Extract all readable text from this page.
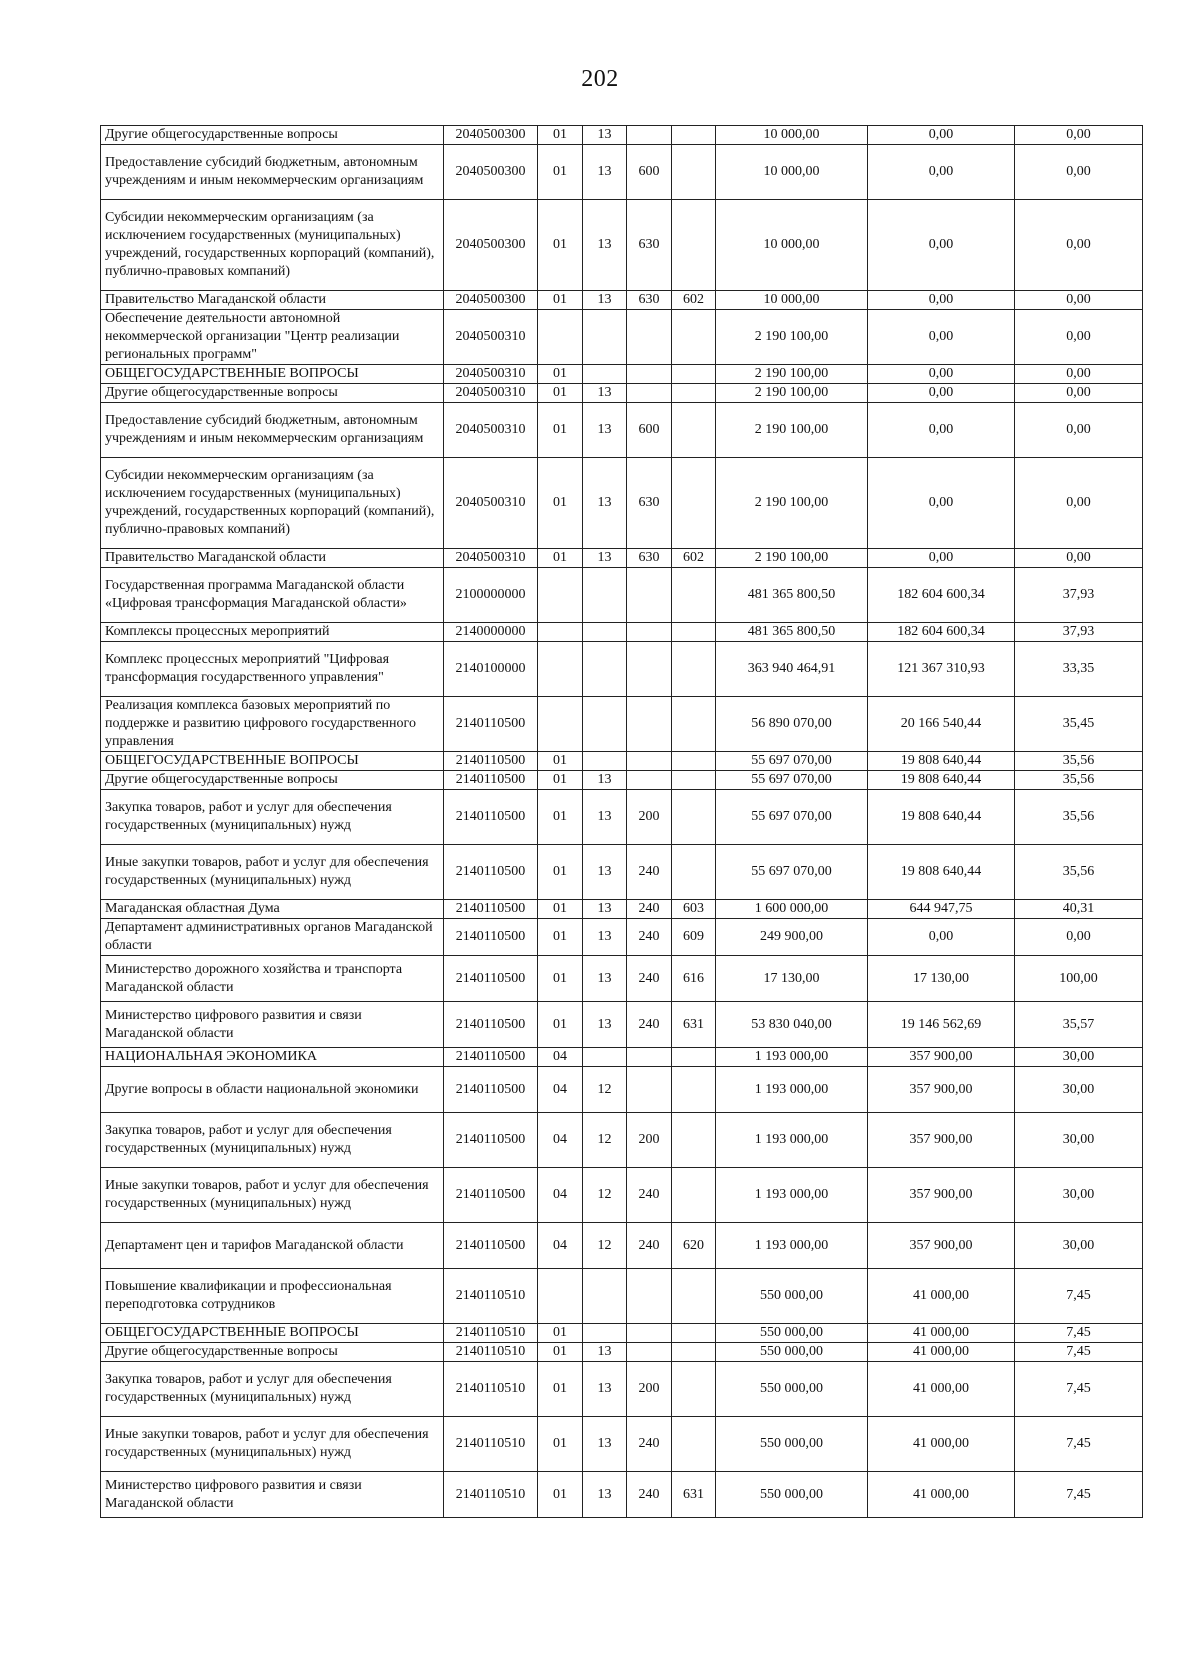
202
Другие общегосударственные вопросы	2040500300	01	13			10 000,00	0,00	0,00
Предоставление субсидий бюджетным, автономным учреждениям и иным некоммерческим организациям	2040500300	01	13	600		10 000,00	0,00	0,00
Субсидии некоммерческим организациям (за исключением государственных (муниципальных) учреждений, государственных корпораций (компаний), публично-правовых компаний)	2040500300	01	13	630		10 000,00	0,00	0,00
Правительство Магаданской области	2040500300	01	13	630	602	10 000,00	0,00	0,00
Обеспечение деятельности автономной некоммерческой организации "Центр реализации региональных программ"	2040500310					2 190 100,00	0,00	0,00
ОБЩЕГОСУДАРСТВЕННЫЕ ВОПРОСЫ	2040500310	01				2 190 100,00	0,00	0,00
Другие общегосударственные вопросы	2040500310	01	13			2 190 100,00	0,00	0,00
Предоставление субсидий бюджетным, автономным учреждениям и иным некоммерческим организациям	2040500310	01	13	600		2 190 100,00	0,00	0,00
Субсидии некоммерческим организациям (за исключением государственных (муниципальных) учреждений, государственных корпораций (компаний), публично-правовых компаний)	2040500310	01	13	630		2 190 100,00	0,00	0,00
Правительство Магаданской области	2040500310	01	13	630	602	2 190 100,00	0,00	0,00
Государственная программа Магаданской области «Цифровая трансформация Магаданской области»	2100000000					481 365 800,50	182 604 600,34	37,93
Комплексы процессных мероприятий	2140000000					481 365 800,50	182 604 600,34	37,93
Комплекс процессных мероприятий "Цифровая трансформация государственного управления"	2140100000					363 940 464,91	121 367 310,93	33,35
Реализация комплекса базовых мероприятий по поддержке и развитию цифрового государственного управления	2140110500					56 890 070,00	20 166 540,44	35,45
ОБЩЕГОСУДАРСТВЕННЫЕ ВОПРОСЫ	2140110500	01				55 697 070,00	19 808 640,44	35,56
Другие общегосударственные вопросы	2140110500	01	13			55 697 070,00	19 808 640,44	35,56
Закупка товаров, работ и услуг для обеспечения государственных (муниципальных) нужд	2140110500	01	13	200		55 697 070,00	19 808 640,44	35,56
Иные закупки товаров, работ и услуг для обеспечения государственных (муниципальных) нужд	2140110500	01	13	240		55 697 070,00	19 808 640,44	35,56
Магаданская областная Дума	2140110500	01	13	240	603	1 600 000,00	644 947,75	40,31
Департамент административных органов Магаданской области	2140110500	01	13	240	609	249 900,00	0,00	0,00
Министерство дорожного хозяйства и транспорта Магаданской области	2140110500	01	13	240	616	17 130,00	17 130,00	100,00
Министерство цифрового развития и связи Магаданской области	2140110500	01	13	240	631	53 830 040,00	19 146 562,69	35,57
НАЦИОНАЛЬНАЯ ЭКОНОМИКА	2140110500	04				1 193 000,00	357 900,00	30,00
Другие вопросы в области национальной экономики	2140110500	04	12			1 193 000,00	357 900,00	30,00
Закупка товаров, работ и услуг для обеспечения государственных (муниципальных) нужд	2140110500	04	12	200		1 193 000,00	357 900,00	30,00
Иные закупки товаров, работ и услуг для обеспечения государственных (муниципальных) нужд	2140110500	04	12	240		1 193 000,00	357 900,00	30,00
Департамент цен и тарифов Магаданской области	2140110500	04	12	240	620	1 193 000,00	357 900,00	30,00
Повышение квалификации и профессиональная переподготовка сотрудников	2140110510					550 000,00	41 000,00	7,45
ОБЩЕГОСУДАРСТВЕННЫЕ ВОПРОСЫ	2140110510	01				550 000,00	41 000,00	7,45
Другие общегосударственные вопросы	2140110510	01	13			550 000,00	41 000,00	7,45
Закупка товаров, работ и услуг для обеспечения государственных (муниципальных) нужд	2140110510	01	13	200		550 000,00	41 000,00	7,45
Иные закупки товаров, работ и услуг для обеспечения государственных (муниципальных) нужд	2140110510	01	13	240		550 000,00	41 000,00	7,45
Министерство цифрового развития и связи Магаданской области	2140110510	01	13	240	631	550 000,00	41 000,00	7,45
